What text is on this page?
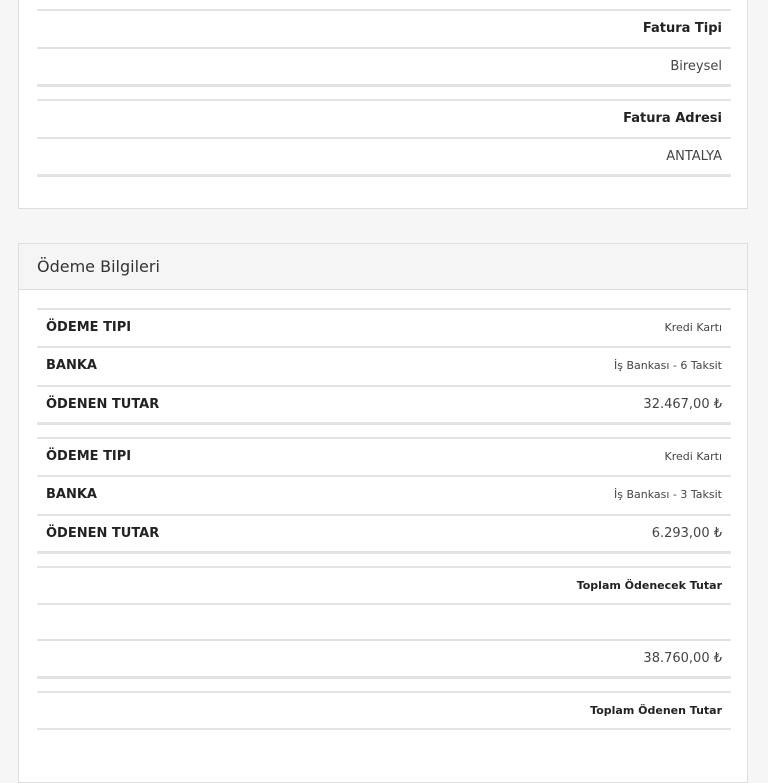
Fatura Tipi
Bireysel
Fatura Adresi
ANTALYA
Ödeme Bilgileri
ÖDEME TIPI	Kredi Kartı
BANKA	İş Bankası - 6 Taksit
ÖDENEN TUTAR	32.467,00 ₺
ÖDEME TIPI	Kredi Kartı
BANKA	İş Bankası - 3 Taksit
ÖDENEN TUTAR	6.293,00 ₺
Toplam Ödenecek Tutar
38.760,00 ₺
Toplam Ödenen Tutar
